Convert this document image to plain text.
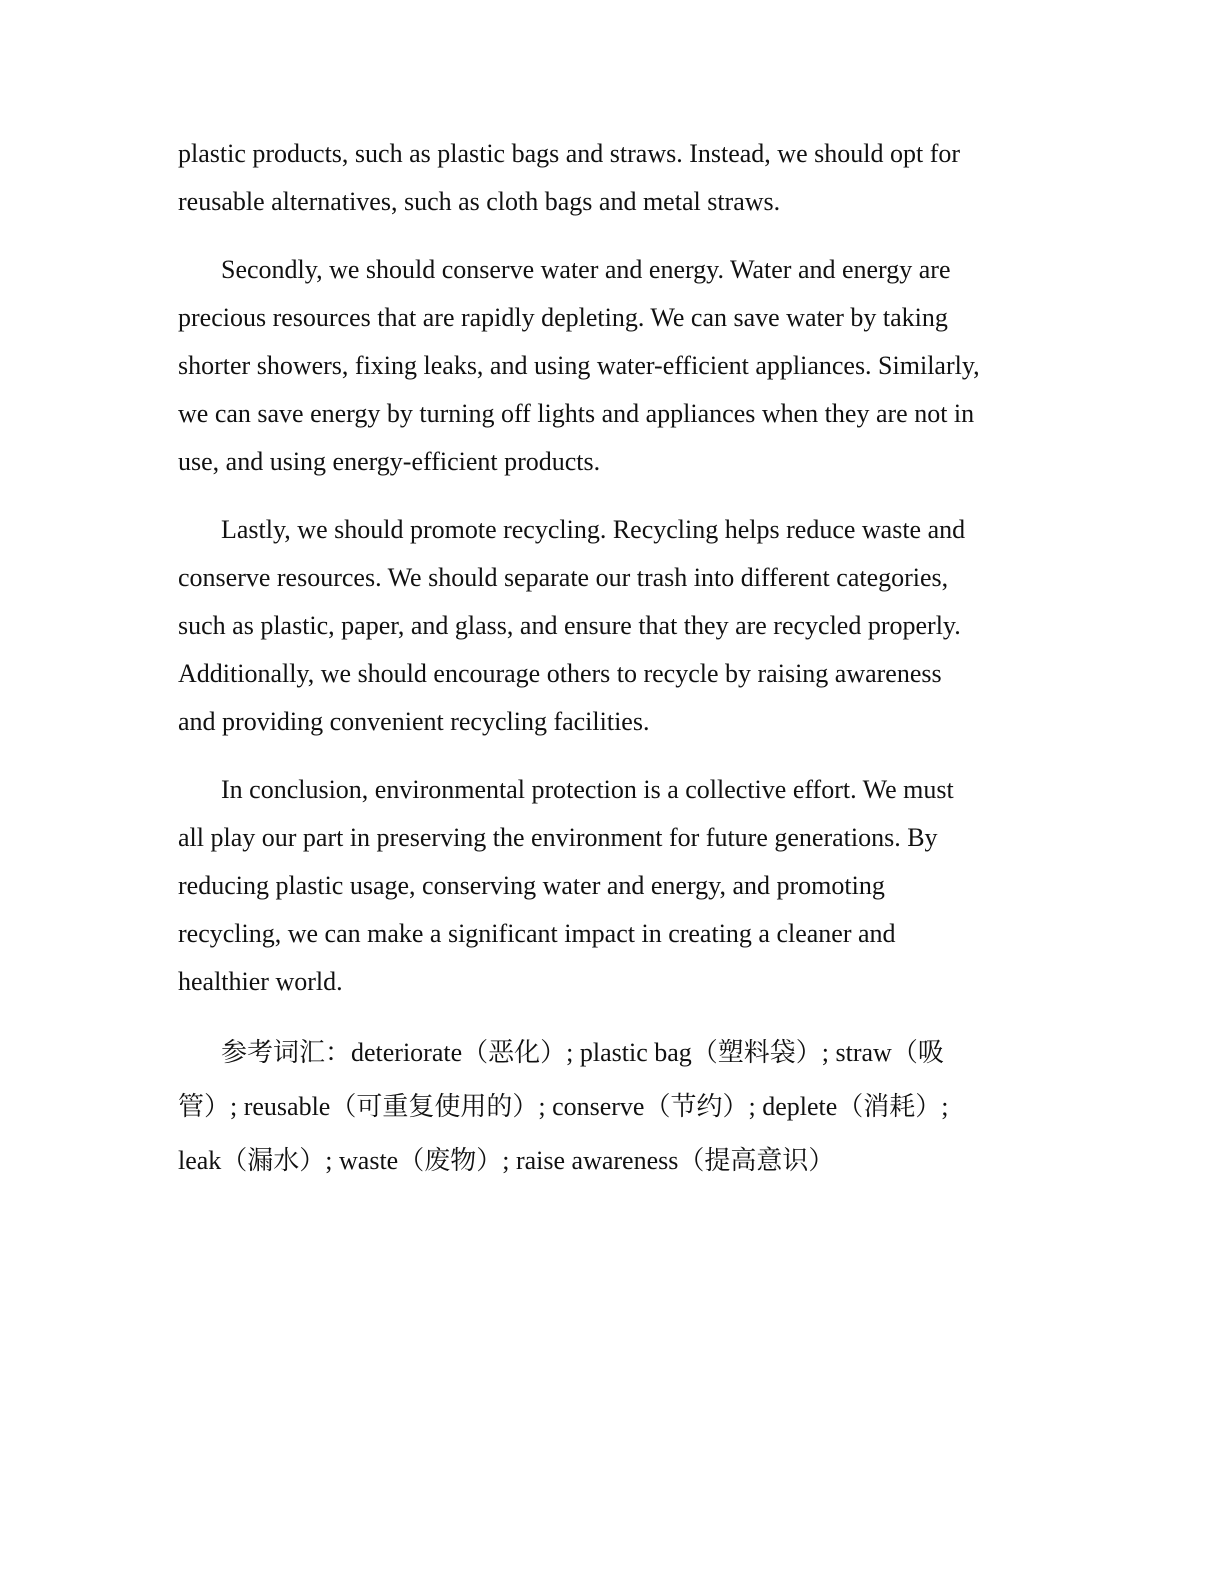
plastic products, such as plastic bags and straws. Instead, we should opt for
reusable alternatives, such as cloth bags and metal straws.
Secondly, we should conserve water and energy. Water and energy are
precious resources that are rapidly depleting. We can save water by taking
shorter showers, fixing leaks, and using water-efficient appliances. Similarly,
we can save energy by turning off lights and appliances when they are not in
use, and using energy-efficient products.
Lastly, we should promote recycling. Recycling helps reduce waste and
conserve resources. We should separate our trash into different categories,
such as plastic, paper, and glass, and ensure that they are recycled properly.
Additionally, we should encourage others to recycle by raising awareness
and providing convenient recycling facilities.
In conclusion, environmental protection is a collective effort. We must
all play our part in preserving the environment for future generations. By
reducing plastic usage, conserving water and energy, and promoting
recycling, we can make a significant impact in creating a cleaner and
healthier world.
参考词汇：deteriorate（恶化）; plastic bag（塑料袋）; straw（吸
管）; reusable（可重复使用的）; conserve（节约）; deplete（消耗）;
leak（漏水）; waste（废物）; raise awareness（提高意识）
